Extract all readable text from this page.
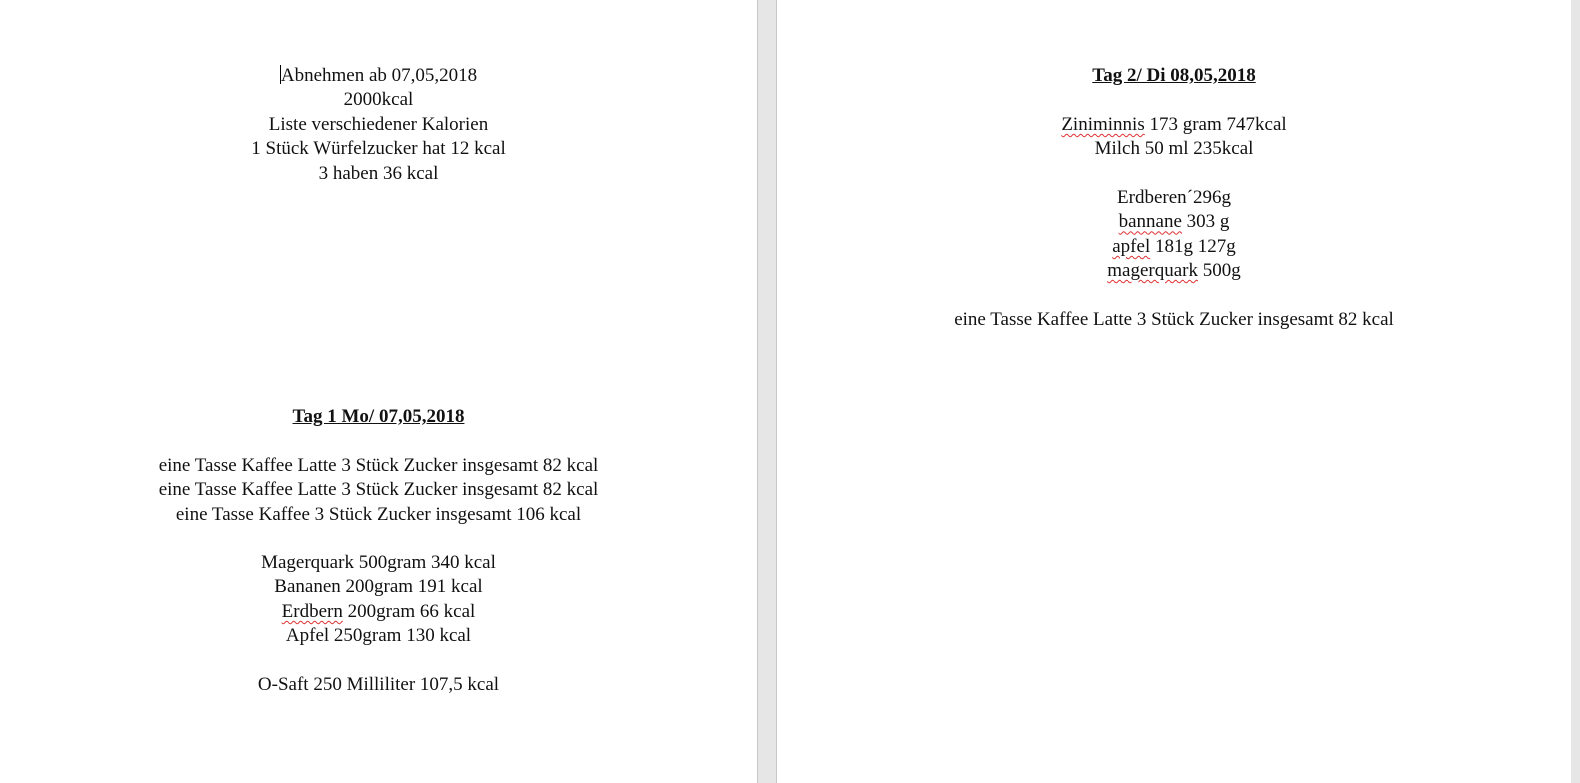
Abnehmen ab 07,05,2018
2000kcal
Liste verschiedener Kalorien
1 Stück Würfelzucker hat 12 kcal
3 haben 36 kcal
Tag 1 Mo/ 07,05,2018
eine Tasse Kaffee Latte 3 Stück Zucker insgesamt 82 kcal
eine Tasse Kaffee Latte 3 Stück Zucker insgesamt 82 kcal
eine Tasse Kaffee 3 Stück Zucker insgesamt 106 kcal
Magerquark 500gram 340 kcal
Bananen 200gram 191 kcal
Erdbern 200gram 66 kcal
Apfel 250gram 130 kcal
O-Saft 250 Milliliter 107,5 kcal
Tag 2/ Di 08,05,2018
Ziniminnis 173 gram 747kcal
Milch 50 ml 235kcal
Erdberen´296g
bannane 303 g
apfel 181g 127g
magerquark 500g
eine Tasse Kaffee Latte 3 Stück Zucker insgesamt 82 kcal
